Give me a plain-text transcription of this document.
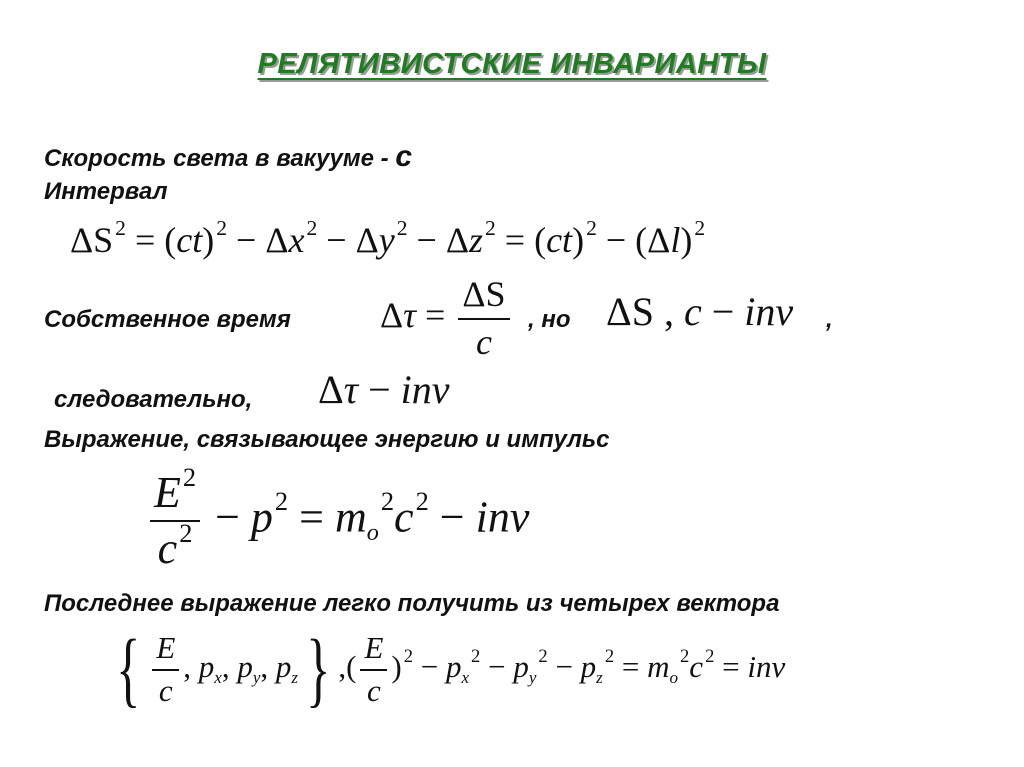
РЕЛЯТИВИСТСКИЕ ИНВАРИАНТЫ
Скорость света в вакууме - c
Интервал
$\Delta S^2 = (ct)^2 - \Delta x^2 - \Delta y^2 - \Delta z^2 = (ct)^2 - (\Delta l)^2$
Собственное время $\Delta\tau = \frac{\Delta S}{c}$ , но ΔS , c − inv ,
следовательно, Δτ − inv
Выражение, связывающее энергию и импульс
$\frac{E^2}{c^2} - p^2 = m_o^2c^2$ − inv
Последнее выражение легко получить из четырех вектора
{ $\frac{E}{c}$ , $p_x$, $p_y$, $p_z$} ,( $\frac{E}{c}$ ) $^2 - p_x^2 - p_y^2 - p_z^2 = m_o^2c$ $^2$ = inv
